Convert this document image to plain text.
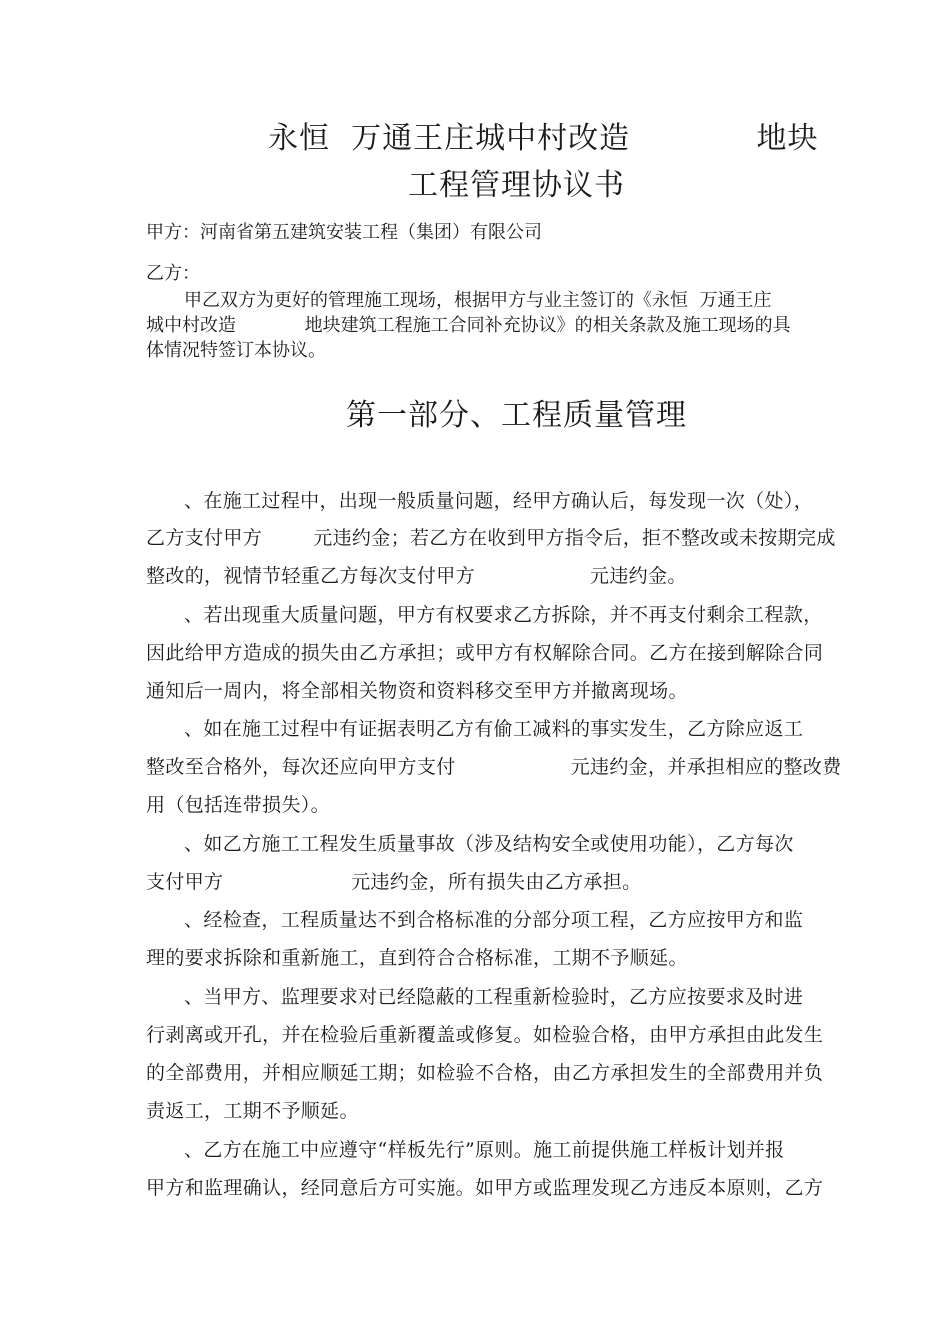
永恒  万通王庄城中村改造            地块
工程管理协议书
甲方：河南省第五建筑安装工程（集团）有限公司
乙方：
甲乙双方为更好的管理施工现场，根据甲方与业主签订的《永恒  万通王庄
城中村改造            地块建筑工程施工合同补充协议》的相关条款及施工现场的具
体情况特签订本协议。
第一部分、工程质量管理
、在施工过程中，出现一般质量问题，经甲方确认后，每发现一次（处），
乙方支付甲方        元违约金；若乙方在收到甲方指令后，拒不整改或未按期完成
整改的，视情节轻重乙方每次支付甲方                  元违约金。
、若出现重大质量问题，甲方有权要求乙方拆除，并不再支付剩余工程款，
因此给甲方造成的损失由乙方承担；或甲方有权解除合同。乙方在接到解除合同
通知后一周内，将全部相关物资和资料移交至甲方并撤离现场。
、如在施工过程中有证据表明乙方有偷工减料的事实发生，乙方除应返工
整改至合格外，每次还应向甲方支付                  元违约金，并承担相应的整改费
用（包括连带损失）。
、如乙方施工工程发生质量事故（涉及结构安全或使用功能），乙方每次
支付甲方                    元违约金，所有损失由乙方承担。
、经检查，工程质量达不到合格标准的分部分项工程，乙方应按甲方和监
理的要求拆除和重新施工，直到符合合格标准，工期不予顺延。
、当甲方、监理要求对已经隐蔽的工程重新检验时，乙方应按要求及时进
行剥离或开孔，并在检验后重新覆盖或修复。如检验合格，由甲方承担由此发生
的全部费用，并相应顺延工期；如检验不合格，由乙方承担发生的全部费用并负
责返工，工期不予顺延。
、乙方在施工中应遵守“样板先行”原则。施工前提供施工样板计划并报
甲方和监理确认，经同意后方可实施。如甲方或监理发现乙方违反本原则，乙方
